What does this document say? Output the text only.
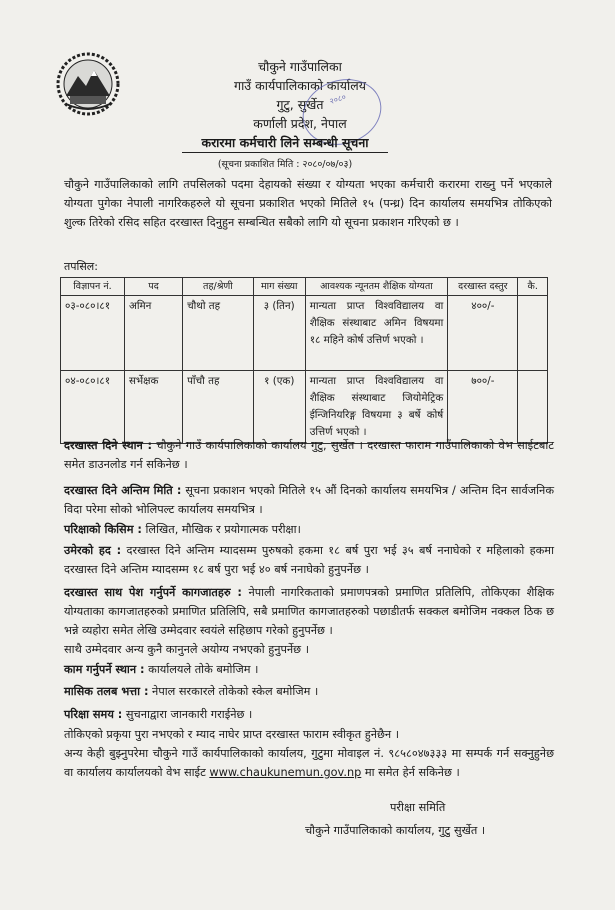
चौकुने गाउँपालिका
गाउँ कार्यपालिकाको कार्यालय
गुटु, सुर्खेत
कर्णाली प्रदेश, नेपाल
२०८०
करारमा कर्मचारी लिने सम्बन्धी सूचना
(सूचना प्रकाशित मिति : २०८०/०७/०३)
चौकुने गाउँपालिकाको लागि तपसिलको पदमा देहायको संख्या र योग्यता भएका कर्मचारी करारमा राख्नु पर्ने भएकाले योग्यता पुगेका नेपाली नागरिकहरुले यो सूचना प्रकाशित भएको मितिले १५ (पन्ध्र) दिन कार्यालय समयभित्र तोकिएको शुल्क तिरेको रसिद सहित दरखास्त दिनुहुन सम्बन्धित सबैको लागि यो सूचना प्रकाशन गरिएको छ ।
तपसिल:
विज्ञापन नं.	पद	तह/श्रेणी	माग संख्या	आवश्यक न्यूनतम शैक्षिक योग्यता	दरखास्त दस्तुर	कै.
०३-०८०।८१	अमिन	चौथो तह	३ (तिन)	मान्यता प्राप्त विश्वविद्यालय वा शैक्षिक संस्थाबाट अमिन विषयमा १८ महिने कोर्ष उत्तिर्ण भएको ।	४००/-	
०४-०८०।८१	सर्भेक्षक	पाँचौ तह	१ (एक)	मान्यता प्राप्त विश्वविद्यालय वा शैक्षिक संस्थाबाट जियोमेट्रिक ईन्जिनियरिङ्ग विषयमा ३ बर्षे कोर्ष उत्तिर्ण भएको ।	७००/-	
दरखास्त दिने स्थान : चौकुने गाउँ कार्यपालिकाको कार्यालय गुटु, सुर्खेत । दरखास्त फाराम गाउँपालिकाको वेभ साईटबाट समेत डाउनलोड गर्न सकिनेछ ।
दरखास्त दिने अन्तिम मिति : सूचना प्रकाशन भएको मितिले १५ औं दिनको कार्यालय समयभित्र / अन्तिम दिन सार्वजनिक विदा परेमा सोको भोलिपल्ट कार्यालय समयभित्र ।
परिक्षाको किसिम : लिखित, मौखिक र प्रयोगात्मक परीक्षा।
उमेरको हद : दरखास्त दिने अन्तिम म्यादसम्म पुरुषको हकमा १८ बर्ष पुरा भई ३५ बर्ष ननाघेको र महिलाको हकमा दरखास्त दिने अन्तिम म्यादसम्म १८ बर्ष पुरा भई ४० बर्ष ननाघेको हुनुपर्नेछ ।
दरखास्त साथ पेश गर्नुपर्ने कागजातहरु : नेपाली नागरिकताको प्रमाणपत्रको प्रमाणित प्रतिलिपि, तोकिएका शैक्षिक योग्यताका कागजातहरुको प्रमाणित प्रतिलिपि, सबै प्रमाणित कागजातहरुको पछाडीतर्फ सक्कल बमोजिम नक्कल ठिक छ भन्ने व्यहोरा समेत लेखि उम्मेदवार स्वयंले सहिछाप गरेको हुनुपर्नेछ ।
साथै उम्मेदवार अन्य कुनै कानुनले अयोग्य नभएको हुनुपर्नेछ ।
काम गर्नुपर्ने स्थान : कार्यालयले तोके बमोजिम ।
मासिक तलब भत्ता : नेपाल सरकारले तोकेको स्केल बमोजिम ।
परिक्षा समय : सुचनाद्वारा जानकारी गराईनेछ ।
तोकिएको प्रकृया पुरा नभएको र म्याद नाघेर प्राप्त दरखास्त फाराम स्वीकृत हुनेछैन ।
अन्य केही बुझ्नुपरेमा चौकुने गाउँ कार्यपालिकाको कार्यालय, गुटुमा मोवाइल नं. ९८५८०४७३३३ मा सम्पर्क गर्न सक्नुहुनेछ वा कार्यालय कार्यालयको वेभ साईट www.chaukunemun.gov.np मा समेत हेर्न सकिनेछ ।
परीक्षा समिति
चौकुने गाउँपालिकाको कार्यालय, गुटु सुर्खेत ।
